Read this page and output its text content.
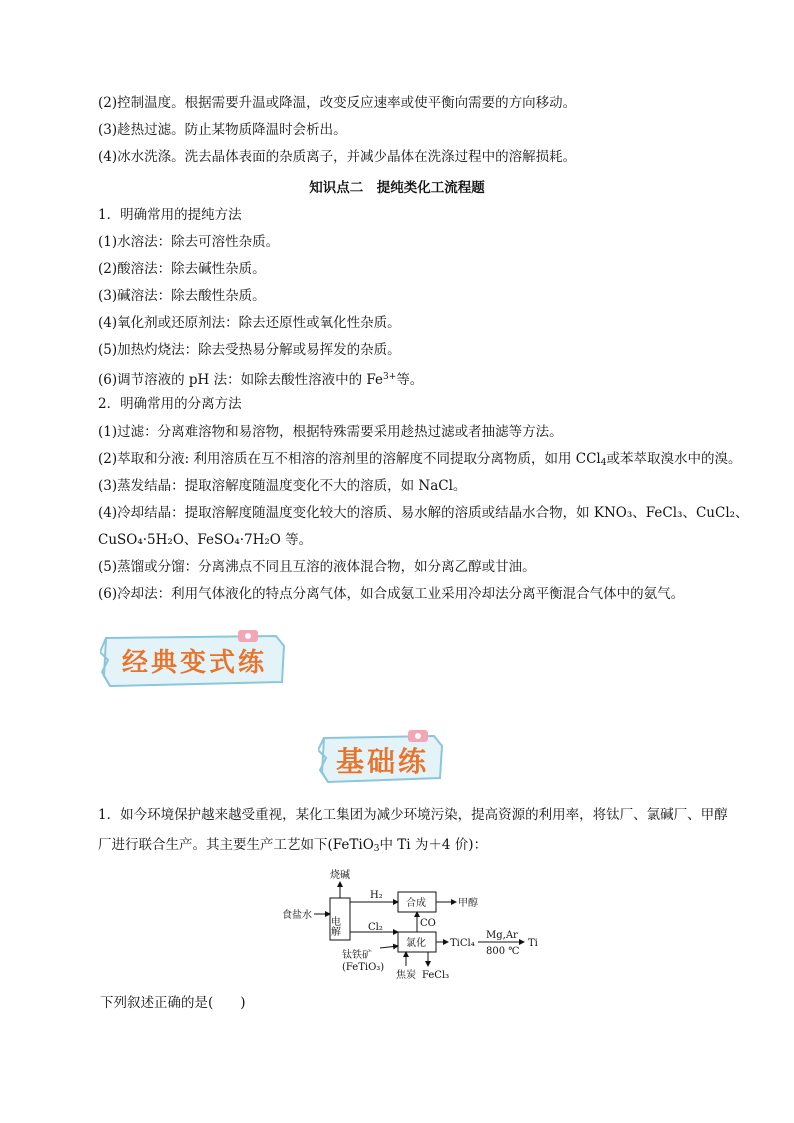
(2)控制温度。根据需要升温或降温，改变反应速率或使平衡向需要的方向移动。
(3)趁热过滤。防止某物质降温时会析出。
(4)冰水洗涤。洗去晶体表面的杂质离子，并减少晶体在洗涤过程中的溶解损耗。
知识点二　提纯类化工流程题
1．明确常用的提纯方法
(1)水溶法：除去可溶性杂质。
(2)酸溶法：除去碱性杂质。
(3)碱溶法：除去酸性杂质。
(4)氧化剂或还原剂法：除去还原性或氧化性杂质。
(5)加热灼烧法：除去受热易分解或易挥发的杂质。
(6)调节溶液的 pH 法：如除去酸性溶液中的 $Fe^{3+}$等。
2．明确常用的分离方法
(1)过滤：分离难溶物和易溶物，根据特殊需要采用趁热过滤或者抽滤等方法。
(2)萃取和分液: 利用溶质在互不相溶的溶剂里的溶解度不同提取分离物质，如用 CCl$_4$或苯萃取溴水中的溴。
(3)蒸发结晶：提取溶解度随温度变化不大的溶质，如 NaCl。
(4)冷却结晶：提取溶解度随温度变化较大的溶质、易水解的溶质或结晶水合物，如 KNO₃、FeCl₃、CuCl₂、
CuSO₄·5H₂O、FeSO₄·7H₂O 等。
(5)蒸馏或分馏：分离沸点不同且互溶的液体混合物，如分离乙醇或甘油。
(6)冷却法：利用气体液化的特点分离气体，如合成氨工业采用冷却法分离平衡混合气体中的氨气。
经典变式练
基础练
1．如今环境保护越来越受重视，某化工集团为减少环境污染，提高资源的利用率，将钛厂、氯碱厂、甲醇
厂进行联合生产。其主要生产工艺如下(FeTiO$_3$中 Ti 为＋4 价)：
电解
合成
氯化
食盐水
烧碱
H₂
甲醇
CO
Cl₂
钛铁矿
(FeTiO₃)
焦炭 FeCl₃
TiCl₄
Mg,Ar
800 ℃
Ti
下列叙述正确的是(　　)
